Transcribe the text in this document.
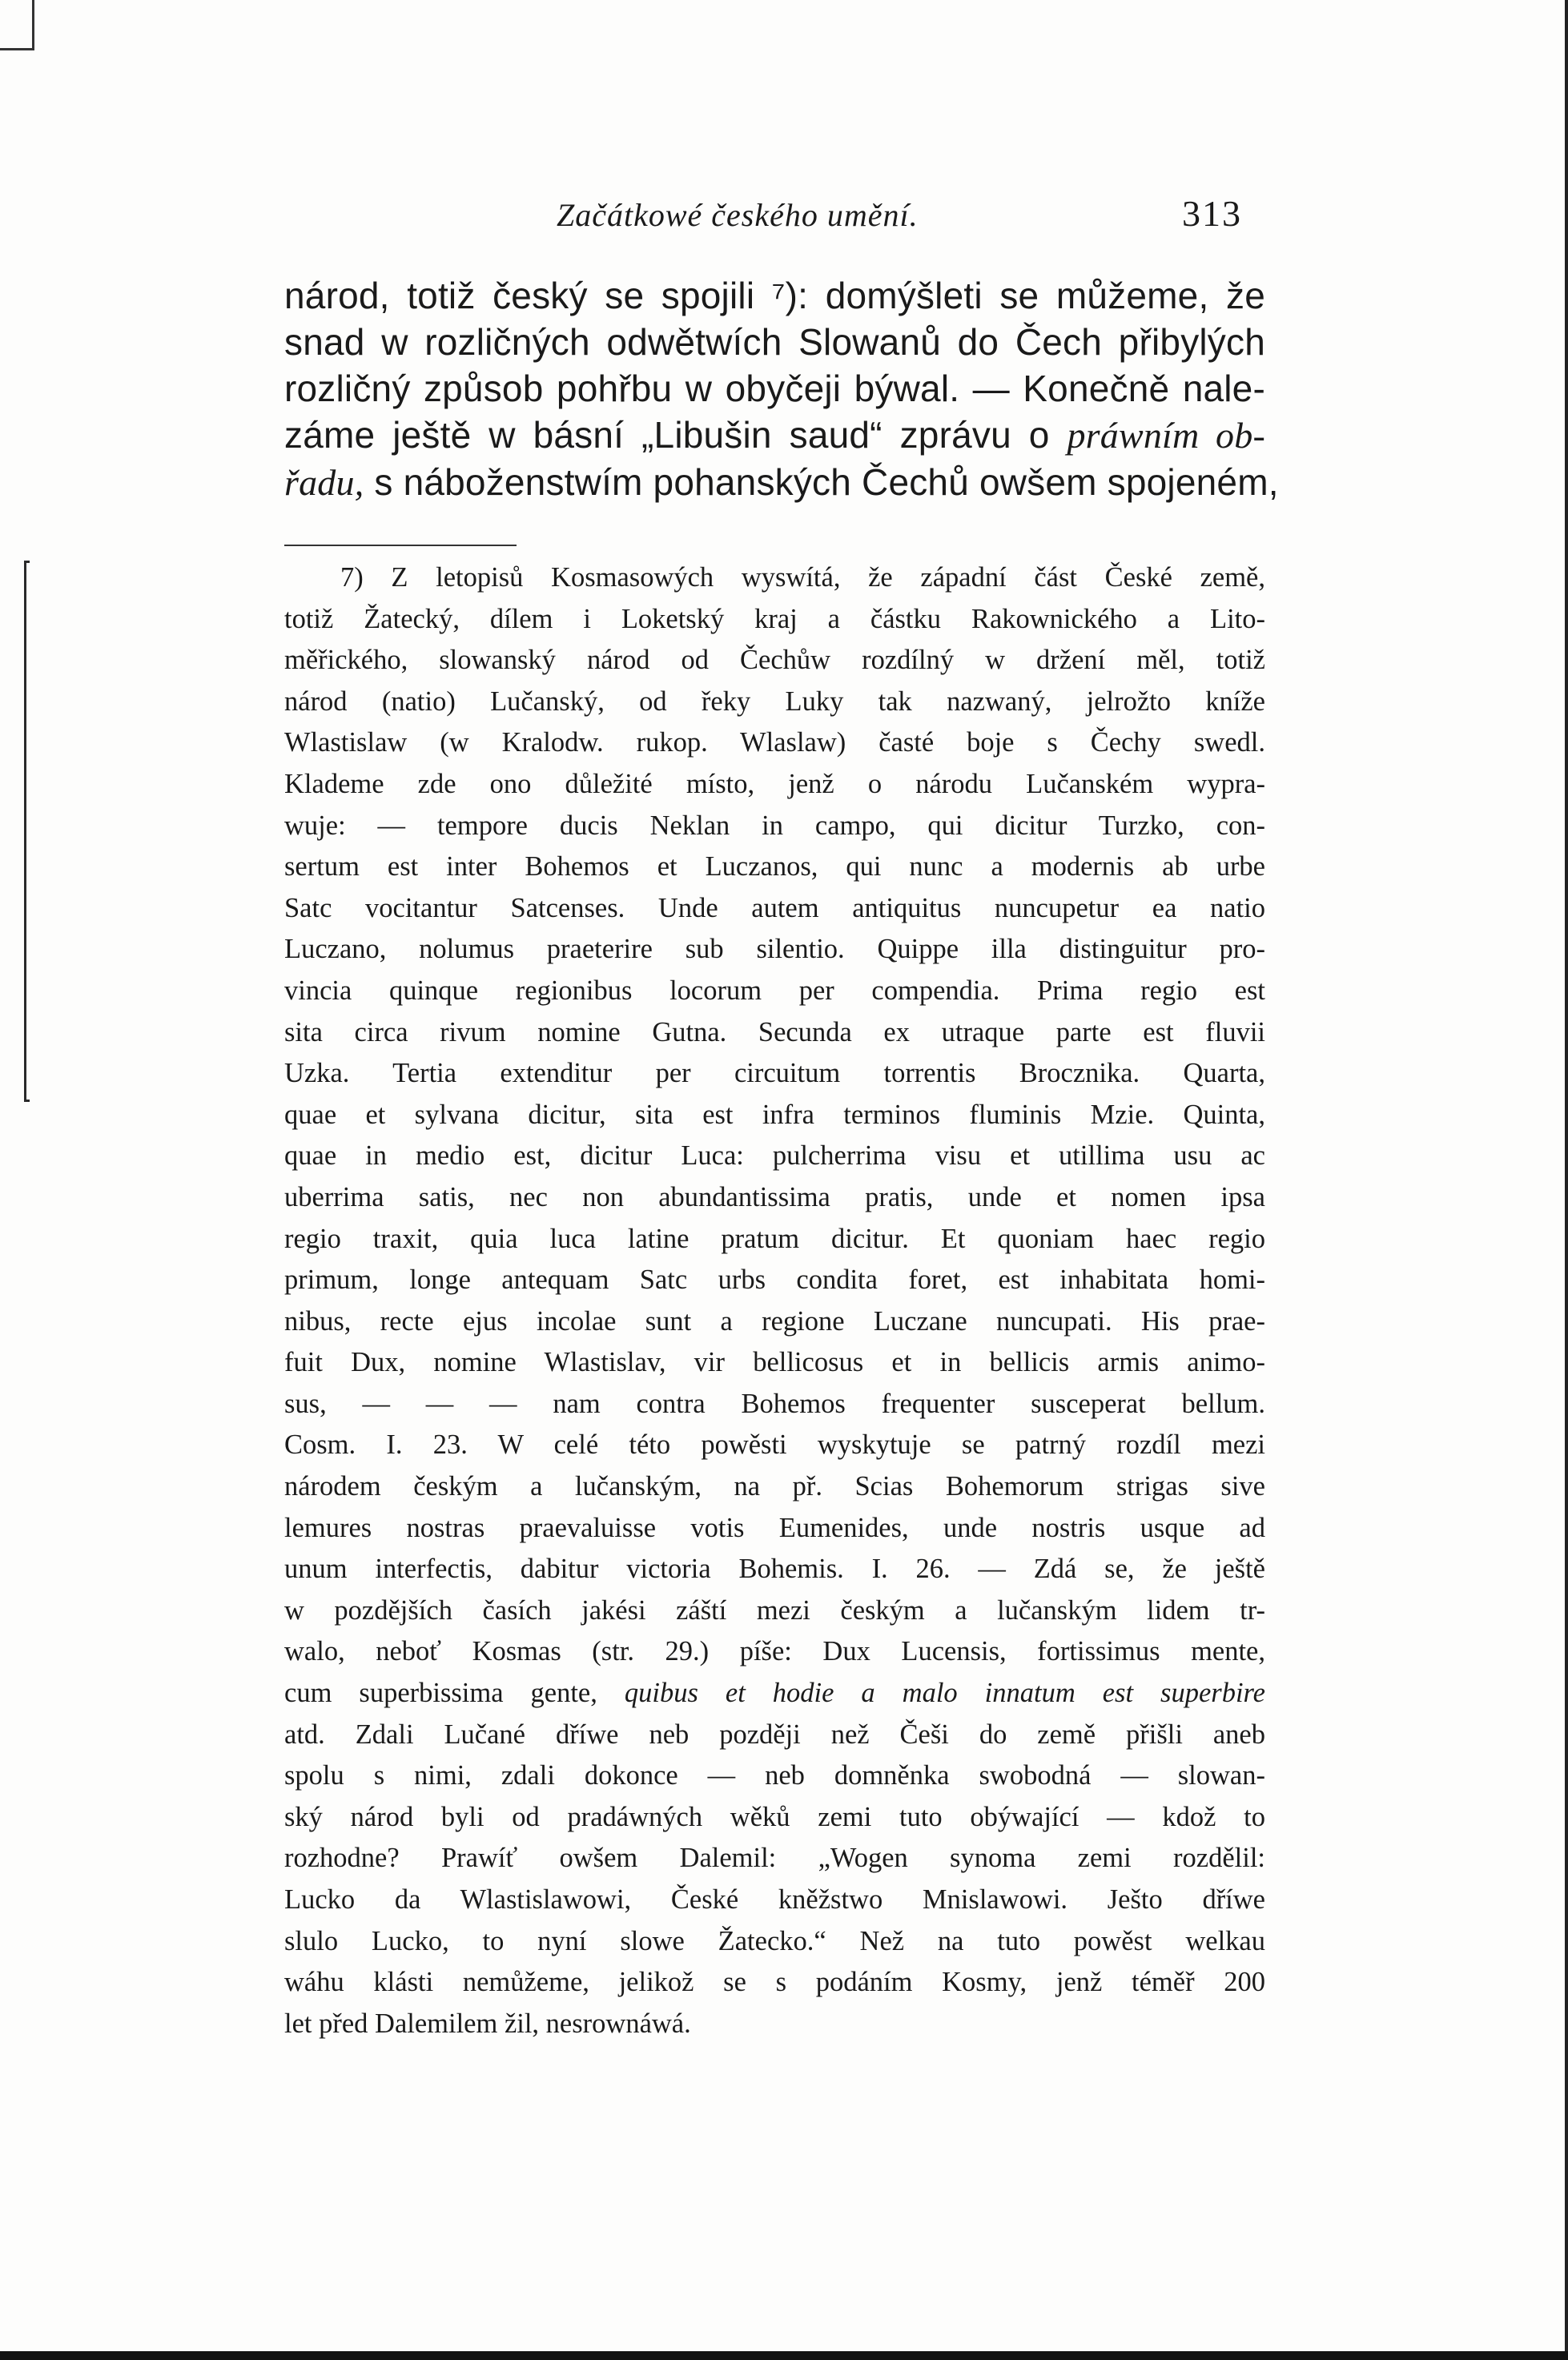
Začátkowé českého umění.	313
národ, totiž český se spojili ⁷): domýšleti se můžeme, že
snad w rozličných odwětwích Slowanů do Čech přibylých
rozličný způsob pohřbu w obyčeji býwal. — Konečně nale-
záme ještě w básní „Libušin saud“ zprávu o práwním ob-
řadu, s náboženstwím pohanských Čechů owšem spojeném,
7) Z letopisů Kosmasowých wyswítá, že západní část České země,
totiž Žatecký, dílem i Loketský kraj a částku Rakownického a Lito-
měřického, slowanský národ od Čechůw rozdílný w držení měl, totiž
národ (natio) Lučanský, od řeky Luky tak nazwaný, jelrožto kníže
Wlastislaw (w Kralodw. rukop. Wlaslaw) časté boje s Čechy swedl.
Klademe zde ono důležité místo, jenž o národu Lučanském wypra-
wuje: — tempore ducis Neklan in campo, qui dicitur Turzko, con-
sertum est inter Bohemos et Luczanos, qui nunc a modernis ab urbe
Satc vocitantur Satcenses. Unde autem antiquitus nuncupetur ea natio
Luczano, nolumus praeterire sub silentio. Quippe illa distinguitur pro-
vincia quinque regionibus locorum per compendia. Prima regio est
sita circa rivum nomine Gutna. Secunda ex utraque parte est fluvii
Uzka. Tertia extenditur per circuitum torrentis Brocznika. Quarta,
quae et sylvana dicitur, sita est infra terminos fluminis Mzie. Quinta,
quae in medio est, dicitur Luca: pulcherrima visu et utillima usu ac
uberrima satis, nec non abundantissima pratis, unde et nomen ipsa
regio traxit, quia luca latine pratum dicitur. Et quoniam haec regio
primum, longe antequam Satc urbs condita foret, est inhabitata homi-
nibus, recte ejus incolae sunt a regione Luczane nuncupati. His prae-
fuit Dux, nomine Wlastislav, vir bellicosus et in bellicis armis animo-
sus, — — — nam contra Bohemos frequenter susceperat bellum.
Cosm. I. 23. W celé této powěsti wyskytuje se patrný rozdíl mezi
národem českým a lučanským, na př. Scias Bohemorum strigas sive
lemures nostras praevaluisse votis Eumenides, unde nostris usque ad
unum interfectis, dabitur victoria Bohemis. I. 26. — Zdá se, že ještě
w pozdějších časích jakési záští mezi českým a lučanským lidem tr-
walo, neboť Kosmas (str. 29.) píše: Dux Lucensis, fortissimus mente,
cum superbissima gente, quibus et hodie a malo innatum est superbire
atd. Zdali Lučané dříwe neb později než Češi do země přišli aneb
spolu s nimi, zdali dokonce — neb domněnka swobodná — slowan-
ský národ byli od pradáwných wěků zemi tuto obýwající — kdož to
rozhodne? Prawíť owšem Dalemil: „Wogen synoma zemi rozdělil:
Lucko da Wlastislawowi, České kněžstwo Mnislawowi. Ješto dříwe
slulo Lucko, to nyní slowe Žatecko.“ Než na tuto powěst welkau
wáhu klásti nemůžeme, jelikož se s podáním Kosmy, jenž téměř 200
let před Dalemilem žil, nesrownáwá.
